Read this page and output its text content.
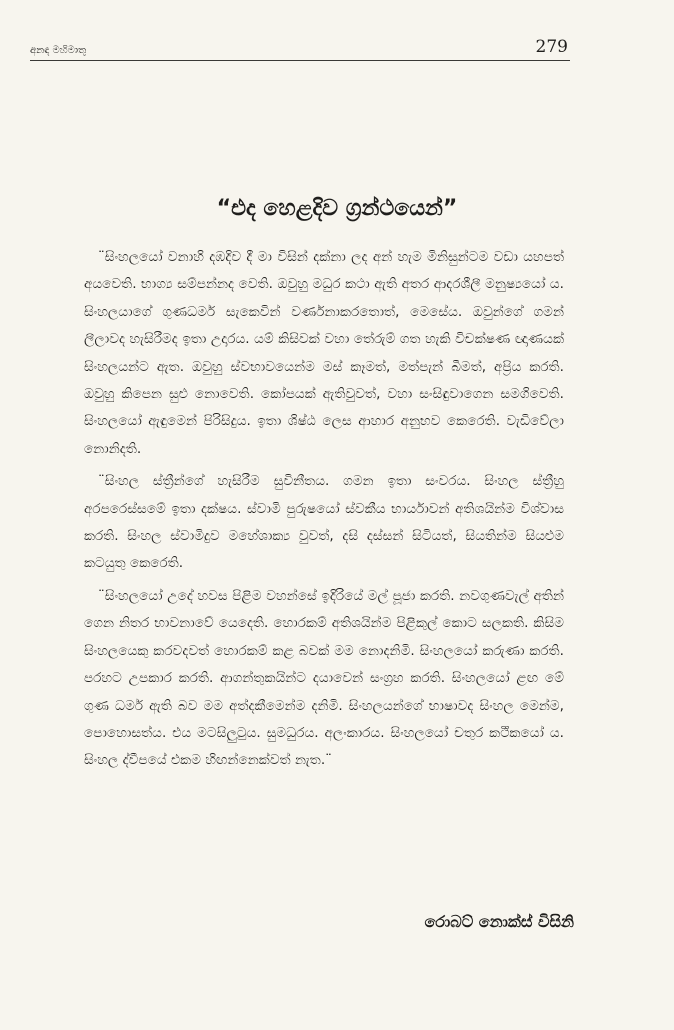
අනඳ මහිමාතු	279
“එද හෙළදිව ග්‍රන්ථයෙන්”

¨සිංහලයෝ වනාහි දඹදිව දී මා විසින් දක්නා ලද අන් හැම මිනිසුන්ටම වඩා යහපත් අයවෙති. භාග්‍ය සම්පන්නද වෙති. ඔවුහු මධුර කථා ඇති අතර ආදරශීලී මනුෂ්‍යයෝ ය. සිංහලයාගේ ගුණධර්ම සැකෙවින් වර්ණනාකරතොත්, මෙසේය. ඔවුන්ගේ ගමන් ලීලාවද හැසිරීමද ඉතා උදාරය. යම් කිසිවක් වහා තේරුම් ගත හැකි විචක්ෂණ ඥාණයක් සිංහලයන්ට ඇත. ඔවුහු ස්වභාවයෙන්ම මස් කෑමත්, මත්පැන් බීමත්, අප්‍රිය කරති. ඔවුහු කිපෙන සුළු නොවෙති. කෝපයක් ඇතිවුවත්, වහා සංසිඳුවාගෙන සමගිවෙති. සිංහලයෝ ඇඳුමෙන් පිරිසිදුය. ඉතා ශිෂ්ඨ ලෙස ආහාර අනුභව කෙරෙති. වැඩිවේලා නොනිදති.

¨සිංහල ස්ත්‍රීන්ගේ හැසිරීම සුවිනීතය. ගමන ඉතා සංවරය. සිංහල ස්ත්‍රීහු අරපරෙස්සමේ ඉතා දක්ෂය. ස්වාමි පුරුෂයෝ ස්වකීය භාර්යාවන් අතිශයින්ම විශ්වාස කරති. සිංහල ස්වාමිදුව මහේශාක්‍ය වුවත්, දසි දස්සන් සිටියත්, සියතින්ම සියළුම කටයුතු කෙරෙති.

¨සිංහලයෝ උදේ හවස පිළිම වහන්සේ ඉදිරියේ මල් පූජා කරති. නවගුණවැල් අතින් ගෙන නිතර භාවනාවේ යෙදෙති. හොරකම් අතිශයින්ම පිළිකුල් කොට සලකති. කිසිම සිංහලයෙකු කරවදවත් හොරකම් කළ බවක් මම නොදනිමි. සිංහලයෝ කරුණා කරති. පරහට උපකාර කරති. ආගන්තුකයින්ට දයාවෙන් සංග්‍රහ කරති. සිංහලයෝ ළඟ මේ ගුණ ධර්ම ඇති බව මම අත්දකීමෙන්ම දනිමි. සිංහලයන්ගේ භාෂාවද සිංහල මෙන්ම, පොහොසත්ය. එය මටසිලුටුය. සුමධුරය. අලංකාරය. සිංහලයෝ චතුර කථිකයෝ ය. සිංහල ද්වීපයේ එකම හිඟන්නෙක්වත් නැත.¨

රොබට් නොක්ස් විසිනි
